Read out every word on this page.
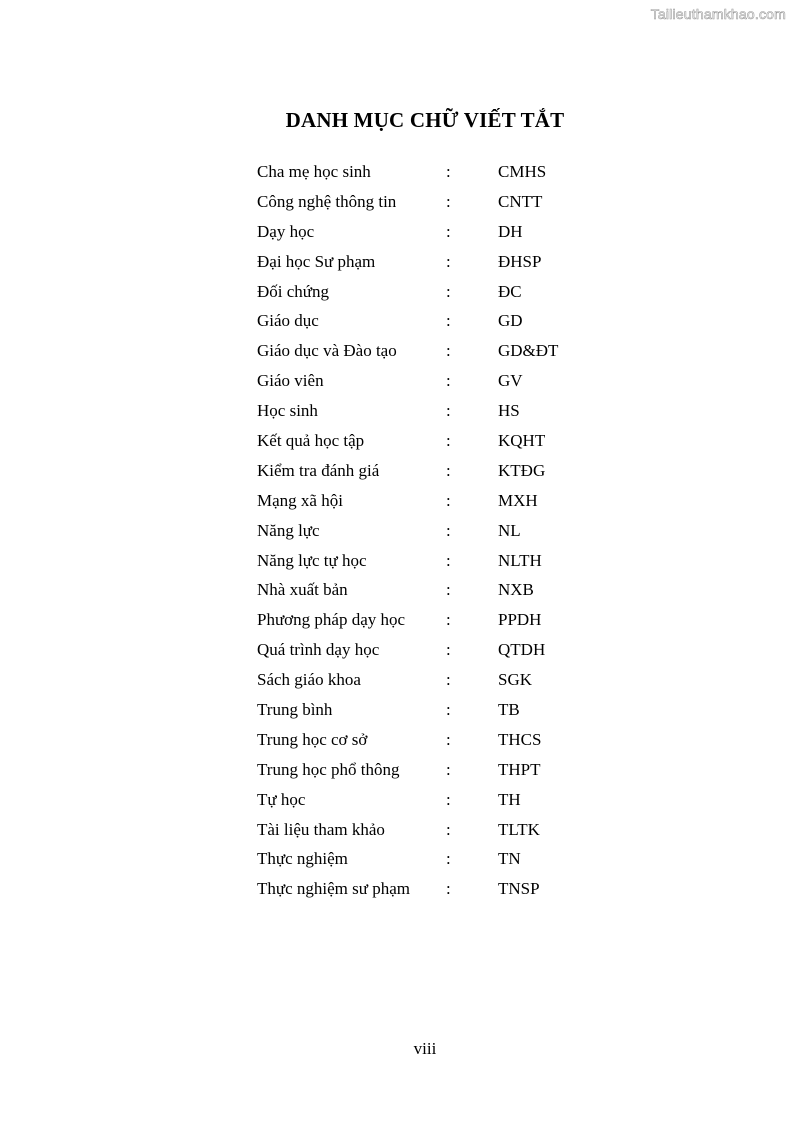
Tailieuthamkhao.com
DANH MỤC CHỮ VIẾT TẮT
Cha mẹ học sinh	:	CMHS
Công nghệ thông tin	:	CNTT
Dạy học	:	DH
Đại học Sư phạm	:	ĐHSP
Đối chứng	:	ĐC
Giáo dục	:	GD
Giáo dục và Đào tạo	:	GD&ĐT
Giáo viên	:	GV
Học sinh	:	HS
Kết quả học tập	:	KQHT
Kiểm tra đánh giá	:	KTĐG
Mạng xã hội	:	MXH
Năng lực	:	NL
Năng lực tự học	:	NLTH
Nhà xuất bản	:	NXB
Phương pháp dạy học :	PPDH
Quá trình dạy học	:	QTDH
Sách giáo khoa	:	SGK
Trung bình	:	TB
Trung học cơ sở	:	THCS
Trung học phổ thông	:	THPT
Tự học	:	TH
Tài liệu tham khảo	:	TLTK
Thực nghiệm	:	TN
Thực nghiệm sư phạm :	TNSP
viii
